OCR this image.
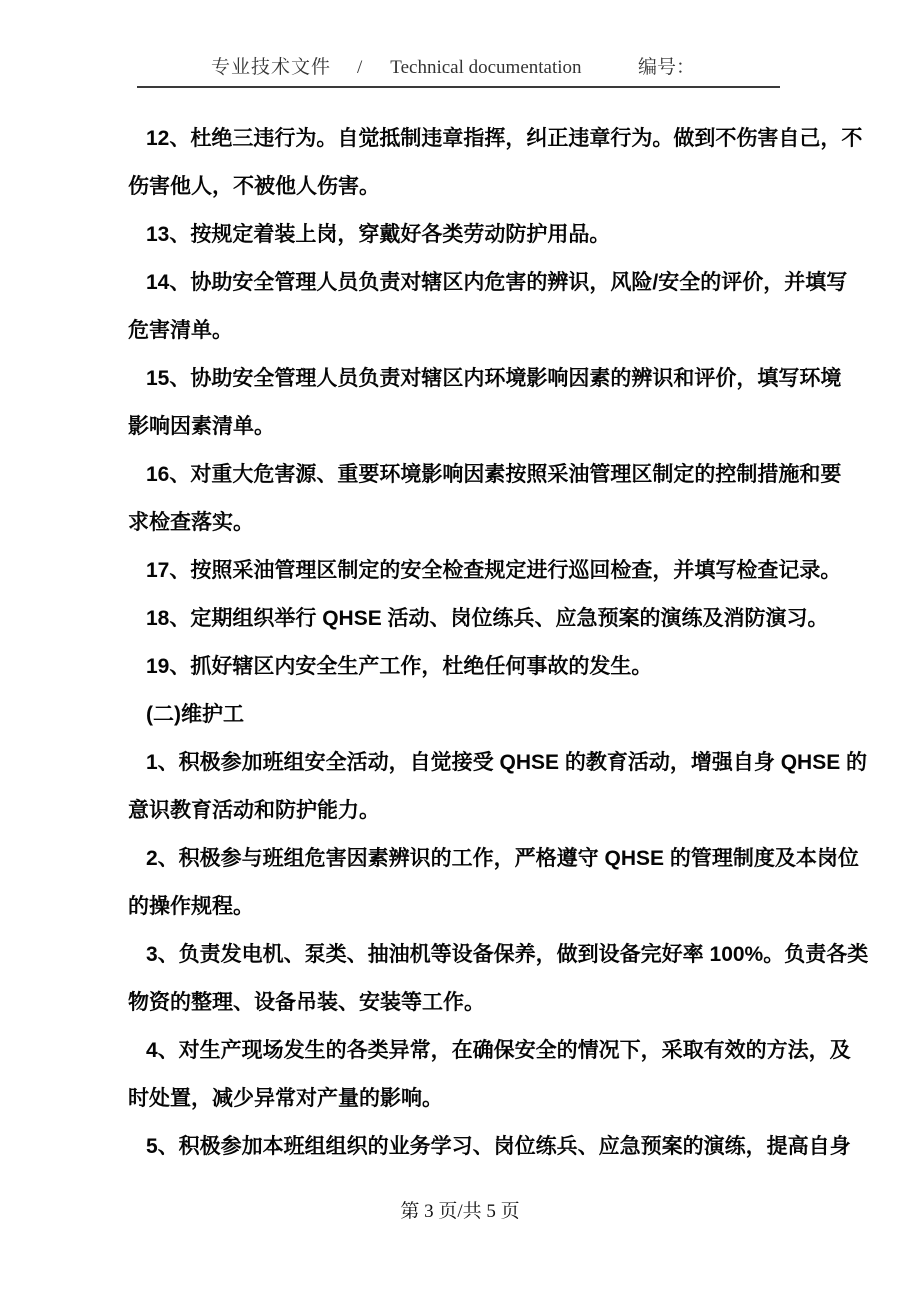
专业技术文件 / Technical documentation	编号：
12、杜绝三违行为。自觉抵制违章指挥，纠正违章行为。做到不伤害自己，不
伤害他人，不被他人伤害。
13、按规定着装上岗，穿戴好各类劳动防护用品。
14、协助安全管理人员负责对辖区内危害的辨识，风险/安全的评价，并填写
危害清单。
15、协助安全管理人员负责对辖区内环境影响因素的辨识和评价，填写环境
影响因素清单。
16、对重大危害源、重要环境影响因素按照采油管理区制定的控制措施和要
求检查落实。
17、按照采油管理区制定的安全检查规定进行巡回检查，并填写检查记录。
18、定期组织举行 QHSE 活动、岗位练兵、应急预案的演练及消防演习。
19、抓好辖区内安全生产工作，杜绝任何事故的发生。
(二)维护工
1、积极参加班组安全活动，自觉接受 QHSE 的教育活动，增强自身 QHSE 的
意识教育活动和防护能力。
2、积极参与班组危害因素辨识的工作，严格遵守 QHSE 的管理制度及本岗位
的操作规程。
3、负责发电机、泵类、抽油机等设备保养，做到设备完好率 100%。负责各类
物资的整理、设备吊装、安装等工作。
4、对生产现场发生的各类异常，在确保安全的情况下，采取有效的方法，及
时处置，减少异常对产量的影响。
5、积极参加本班组组织的业务学习、岗位练兵、应急预案的演练，提高自身
第 3 页/共 5 页
